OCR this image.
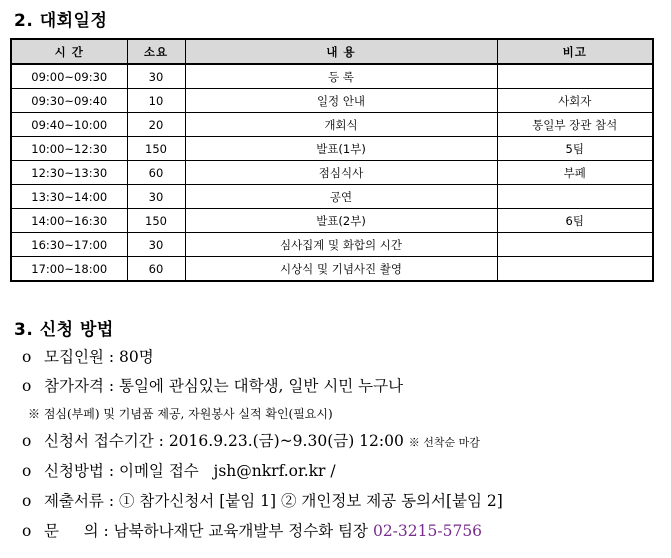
2. 대회일정
시 간	소요	내 용	비고
09:00~09:30	30	등 록	
09:30~09:40	10	일정 안내	사회자
09:40~10:00	20	개회식	통일부 장관 참석
10:00~12:30	150	발표(1부)	5팀
12:30~13:30	60	점심식사	부페
13:30~14:00	30	공연	
14:00~16:30	150	발표(2부)	6팀
16:30~17:00	30	심사집계 및 화합의 시간	
17:00~18:00	60	시상식 및 기념사진 촬영	
3. 신청 방법
o 모집인원 : 80명
o 참가자격 : 통일에 관심있는 대학생, 일반 시민 누구나
※ 점심(부페) 및 기념품 제공, 자원봉사 실적 확인(필요시)
o 신청서 접수기간 : 2016.9.23.(금)~9.30(금) 12:00 ※ 선착순 마감
o 신청방법 : 이메일 접수 jsh@nkrf.or.kr /
o 제출서류 : ① 참가신청서 [붙임 1] ② 개인정보 제공 동의서[붙임 2]
o 문     의 : 남북하나재단 교육개발부 정수화 팀장 02-3215-5756
